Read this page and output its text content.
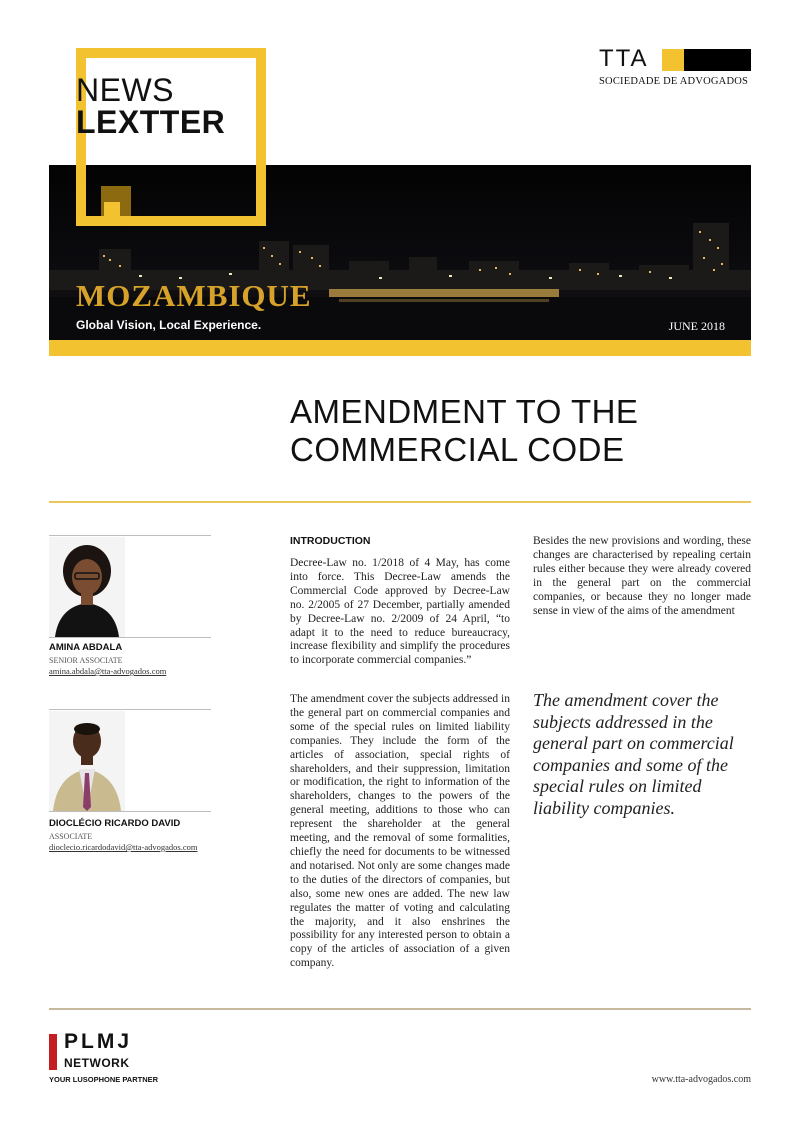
TTA
SOCIEDADE DE ADVOGADOS
NEWS
LEXTTER
MOZAMBIQUE
Global Vision, Local Experience.	JUNE 2018
AMENDMENT TO THE
COMMERCIAL CODE
AMINA ABDALA
SENIOR ASSOCIATE
amina.abdala@tta-advogados.com
DIOCLÉCIO RICARDO DAVID
ASSOCIATE
dioclecio.ricardodavid@tta-advogados.com
INTRODUCTION
Decree-Law no. 1/2018 of 4 May, has come into force. This Decree-Law amends the Commercial Code approved by Decree-Law no. 2/2005 of 27 December, partially amended by Decree-Law no. 2/2009 of 24 April, “to adapt it to the need to reduce bureaucracy, increase flexibility and simplify the procedures to incorporate commercial companies.”
The amendment cover the subjects addressed in the general part on commercial companies and some of the special rules on limited liability companies. They include the form of the articles of association, special rights of shareholders, and their suppression, limitation or modification, the right to information of the shareholders, changes to the powers of the general meeting, additions to those who can represent the shareholder at the general meeting, and the removal of some formalities, chiefly the need for documents to be witnessed and notarised. Not only are some changes made to the duties of the directors of companies, but also, some new ones are added. The new law regulates the matter of voting and calculating the majority, and it also enshrines the possibility for any interested person to obtain a copy of the articles of association of a given company.
Besides the new provisions and wording, these changes are characterised by repealing certain rules either because they were already covered in the general part on the commercial companies, or because they no longer made sense in view of the aims of the amendment
The amendment cover the subjects addressed in the general part on commercial companies and some of the special rules on limited liability companies.
PLMJ
NETWORK
YOUR LUSOPHONE PARTNER	www.tta-advogados.com
